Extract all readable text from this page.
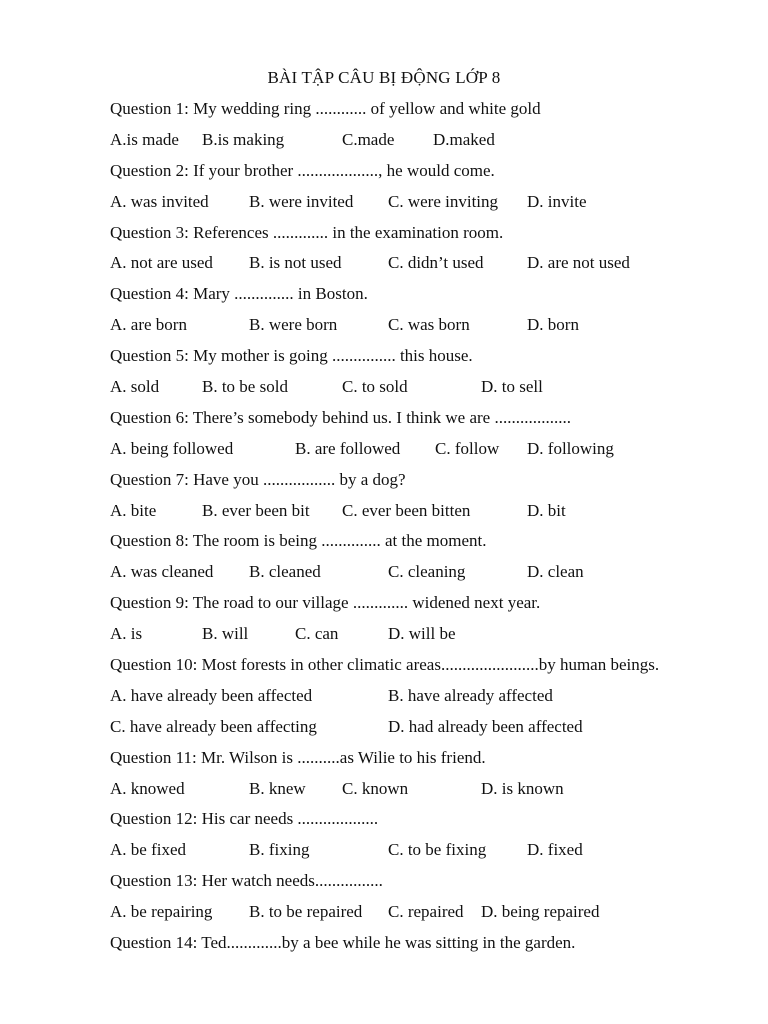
BÀI TẬP CÂU BỊ ĐỘNG LỚP 8
Question 1: My wedding ring ............ of yellow and white gold
A.is made B.is making	C.made D.maked
Question 2: If your brother ..................., he would come.
A. was invited B. were invited C. were inviting D. invite
Question 3: References ............. in the examination room.
A. not are used B. is not used	C. didn’t used	D. are not used
Question 4: Mary .............. in Boston.
A. are born	B. were born	C. was born	D. born
Question 5: My mother is going ............... this house.
A. sold	B. to be sold	C. to sold	D. to sell
Question 6: There’s somebody behind us. I think we are ..................
A. being followed	B. are followed C. follow D. following
Question 7: Have you ................. by a dog?
A. bite	B. ever been bit C. ever been bitten	D. bit
Question 8: The room is being .............. at the moment.
A. was cleaned B. cleaned	C. cleaning	D. clean
Question 9: The road to our village ............. widened next year.
A. is	B. will	C. can	D. will be
Question 10: Most forests in other climatic areas.......................by human beings.
A. have already been affected	B. have already affected
C. have already been affecting	D. had already been affected
Question 11: Mr. Wilson is ..........as Wilie to his friend.
A. knowed	B. knew C. known	D. is known
Question 12: His car needs ...................
A. be fixed	B. fixing	C. to be fixing D. fixed
Question 13: Her watch needs................
A. be repairing B. to be repaired C. repaired D. being repaired
Question 14: Ted.............by a bee while he was sitting in the garden.
